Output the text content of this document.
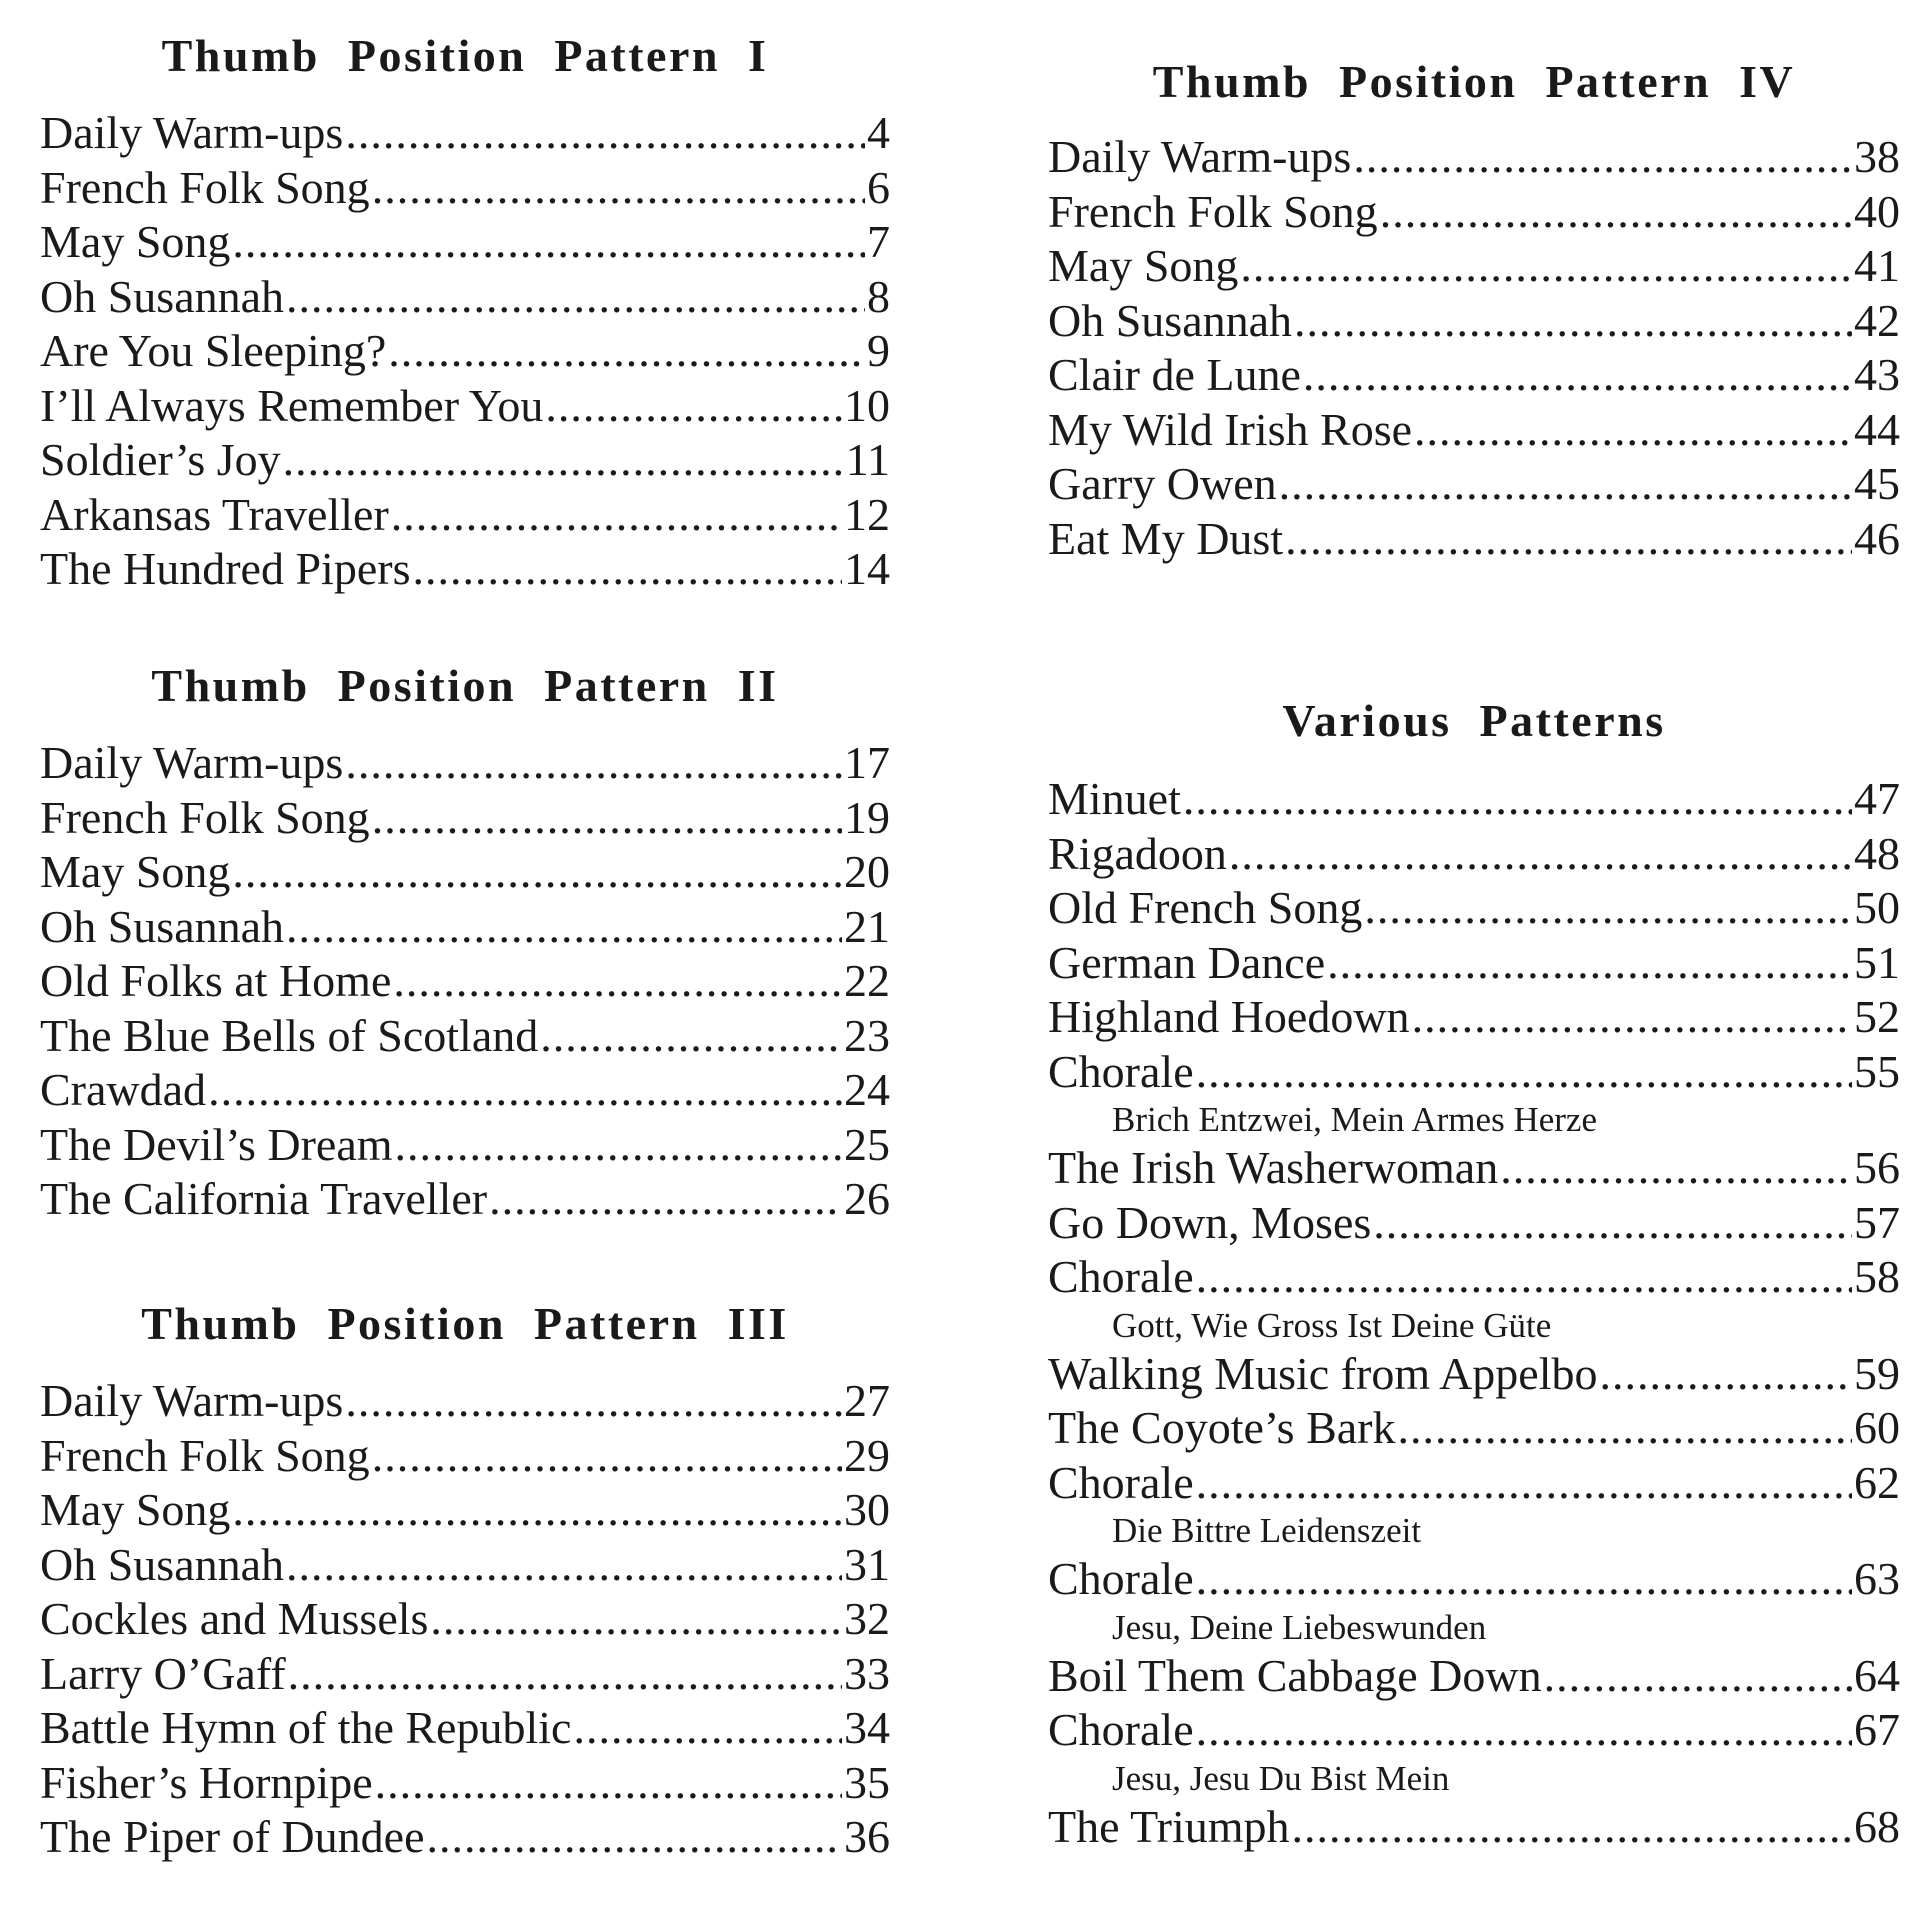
Thumb Position Pattern I
Daily Warm-ups .....	4
French Folk Song .....	6
May Song .....	7
Oh Susannah .....	8
Are You Sleeping? .....	9
I’ll Always Remember You .....	10
Soldier’s Joy .....	11
Arkansas Traveller .....	12
The Hundred Pipers .....	14
Thumb Position Pattern II
Daily Warm-ups .....	17
French Folk Song .....	19
May Song .....	20
Oh Susannah .....	21
Old Folks at Home .....	22
The Blue Bells of Scotland .....	23
Crawdad .....	24
The Devil’s Dream .....	25
The California Traveller .....	26
Thumb Position Pattern III
Daily Warm-ups .....	27
French Folk Song .....	29
May Song .....	30
Oh Susannah .....	31
Cockles and Mussels .....	32
Larry O’Gaff .....	33
Battle Hymn of the Republic .....	34
Fisher’s Hornpipe .....	35
The Piper of Dundee .....	36
Thumb Position Pattern IV
Daily Warm-ups .....	38
French Folk Song .....	40
May Song .....	41
Oh Susannah .....	42
Clair de Lune .....	43
My Wild Irish Rose .....	44
Garry Owen .....	45
Eat My Dust .....	46
Various Patterns
Minuet .....	47
Rigadoon .....	48
Old French Song .....	50
German Dance .....	51
Highland Hoedown .....	52
Chorale .....	55
Brich Entzwei, Mein Armes Herze
The Irish Washerwoman .....	56
Go Down, Moses .....	57
Chorale .....	58
Gott, Wie Gross Ist Deine Güte
Walking Music from Appelbo .....	59
The Coyote’s Bark .....	60
Chorale .....	62
Die Bittre Leidenszeit
Chorale .....	63
Jesu, Deine Liebeswunden
Boil Them Cabbage Down .....	64
Chorale .....	67
Jesu, Jesu Du Bist Mein
The Triumph .....	68
